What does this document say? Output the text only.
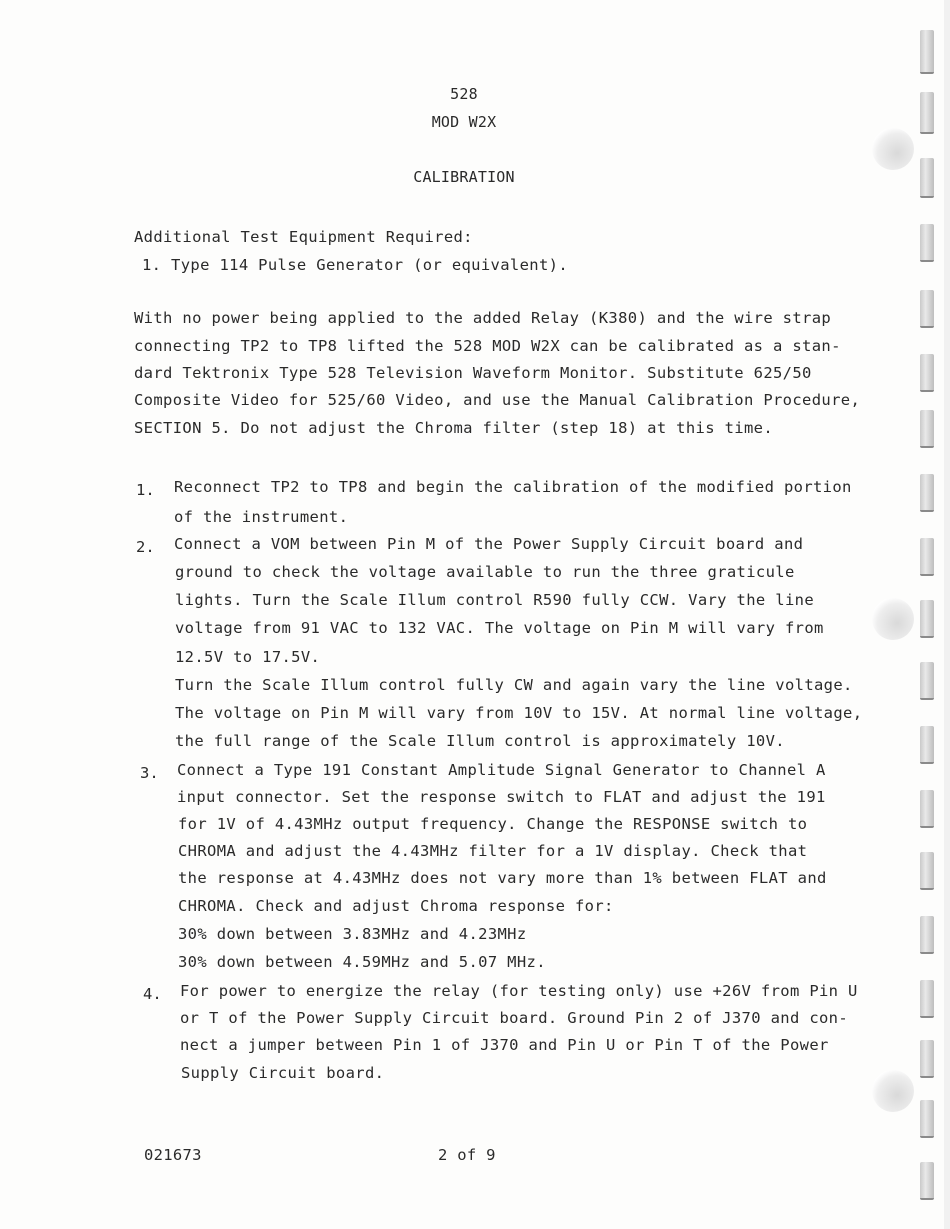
528
MOD W2X
CALIBRATION
Additional Test Equipment Required:
1. Type 114 Pulse Generator (or equivalent).
With no power being applied to the added Relay (K380) and the wire strap
connecting TP2 to TP8 lifted the 528 MOD W2X can be calibrated as a stan-
dard Tektronix Type 528 Television Waveform Monitor. Substitute 625/50
Composite Video for 525/60 Video, and use the Manual Calibration Procedure,
SECTION 5. Do not adjust the Chroma filter (step 18) at this time.
1. Reconnect TP2 to TP8 and begin the calibration of the modified portion
of the instrument.
2. Connect a VOM between Pin M of the Power Supply Circuit board and
ground to check the voltage available to run the three graticule
lights. Turn the Scale Illum control R590 fully CCW. Vary the line
voltage from 91 VAC to 132 VAC. The voltage on Pin M will vary from
12.5V to 17.5V.
Turn the Scale Illum control fully CW and again vary the line voltage.
The voltage on Pin M will vary from 10V to 15V. At normal line voltage,
the full range of the Scale Illum control is approximately 10V.
3. Connect a Type 191 Constant Amplitude Signal Generator to Channel A
input connector. Set the response switch to FLAT and adjust the 191
for 1V of 4.43MHz output frequency. Change the RESPONSE switch to
CHROMA and adjust the 4.43MHz filter for a 1V display. Check that
the response at 4.43MHz does not vary more than 1% between FLAT and
CHROMA. Check and adjust Chroma response for:
30% down between 3.83MHz and 4.23MHz
30% down between 4.59MHz and 5.07 MHz.
4. For power to energize the relay (for testing only) use +26V from Pin U
or T of the Power Supply Circuit board. Ground Pin 2 of J370 and con-
nect a jumper between Pin 1 of J370 and Pin U or Pin T of the Power
Supply Circuit board.
021673	2 of 9
